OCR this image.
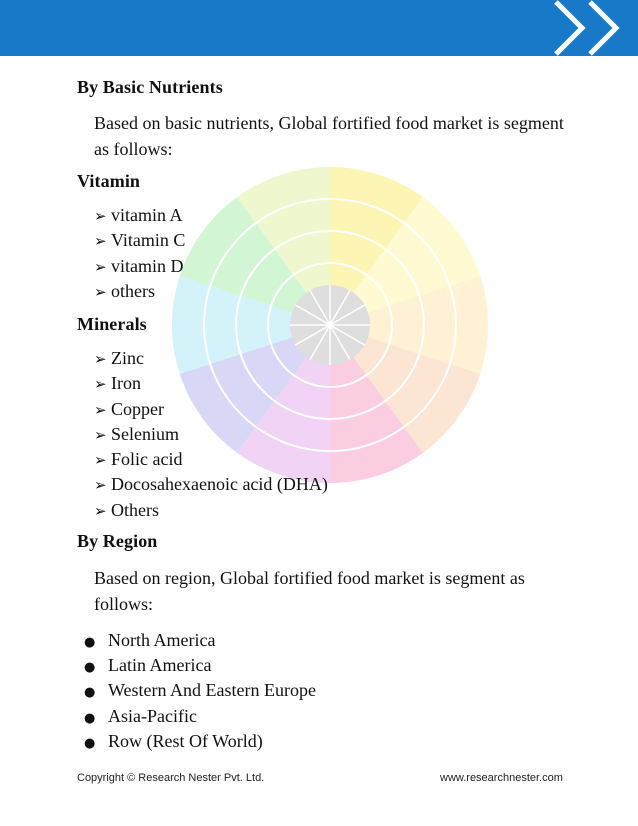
By Basic Nutrients
Based on basic nutrients, Global fortified food market is segment as follows:
Vitamin
➢ vitamin A
➢ Vitamin C
➢ vitamin D
➢ others
Minerals
➢ Zinc
➢ Iron
➢ Copper
➢ Selenium
➢ Folic acid
➢ Docosahexaenoic acid (DHA)
➢ Others
By Region
Based on region, Global fortified food market is segment as follows:
● North America
● Latin America
● Western And Eastern Europe
● Asia-Pacific
● Row (Rest Of World)
Copyright © Research Nester Pvt. Ltd.	www.researchnester.com
